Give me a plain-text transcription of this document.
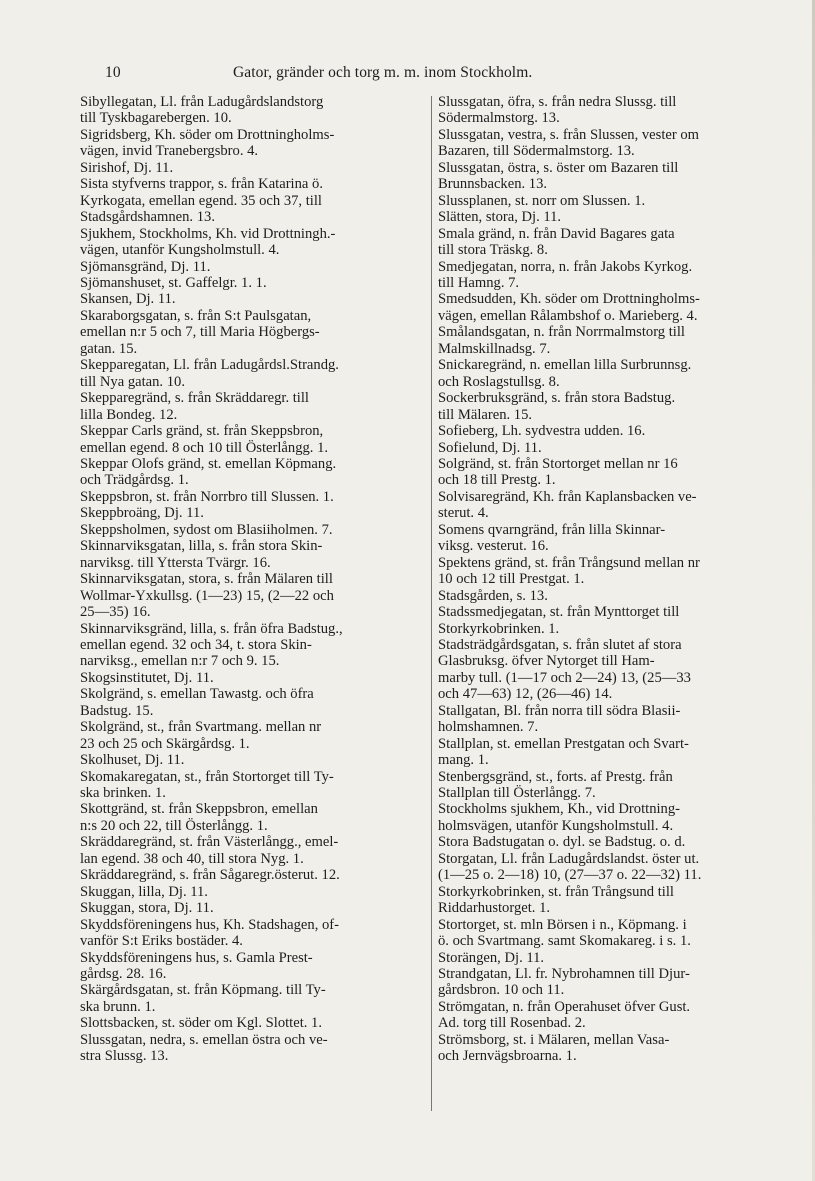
10	Gator, gränder och torg m. m. inom Stockholm.

Sibyllegatan, Ll. från Ladugårdslandstorg
till Tyskbagarebergen. 10.

Sigridsberg, Kh. söder om Drottningholms-
vägen, invid Tranebergsbro. 4.

Sirishof, Dj. 11.

Sista styfverns trappor, s. från Katarina ö.
Kyrkogata, emellan egend. 35 och 37, till
Stadsgårdshamnen. 13.

Sjukhem, Stockholms, Kh. vid Drottningh.-
vägen, utanför Kungsholmstull. 4.

Sjömansgränd, Dj. 11.

Sjömanshuset, st. Gaffelgr. 1. 1.

Skansen, Dj. 11.

Skaraborgsgatan, s. från S:t Paulsgatan,
emellan n:r 5 och 7, till Maria Högbergs-
gatan. 15.

Skepparegatan, Ll. från Ladugårdsl.Strandg.
till Nya gatan. 10.

Skepparegränd, s. från Skräddaregr. till
lilla Bondeg. 12.

Skeppar Carls gränd, st. från Skeppsbron,
emellan egend. 8 och 10 till Österlångg. 1.

Skeppar Olofs gränd, st. emellan Köpmang.
och Trädgårdsg. 1.

Skeppsbron, st. från Norrbro till Slussen. 1.

Skeppbroäng, Dj. 11.

Skeppsholmen, sydost om Blasiiholmen. 7.

Skinnarviksgatan, lilla, s. från stora Skin-
narviksg. till Yttersta Tvärgr. 16.

Skinnarviksgatan, stora, s. från Mälaren till
Wollmar-Yxkullsg. (1—23) 15, (2—22 och
25—35) 16.

Skinnarviksgränd, lilla, s. från öfra Badstug.,
emellan egend. 32 och 34, t. stora Skin-
narviksg., emellan n:r 7 och 9. 15.

Skogsinstitutet, Dj. 11.

Skolgränd, s. emellan Tawastg. och öfra
Badstug. 15.

Skolgränd, st., från Svartmang. mellan nr
23 och 25 och Skärgårdsg. 1.

Skolhuset, Dj. 11.

Skomakaregatan, st., från Stortorget till Ty-
ska brinken. 1.

Skottgränd, st. från Skeppsbron, emellan
n:s 20 och 22, till Österlångg. 1.

Skräddaregränd, st. från Västerlångg., emel-
lan egend. 38 och 40, till stora Nyg. 1.

Skräddaregränd, s. från Sågaregr.österut. 12.

Skuggan, lilla, Dj. 11.

Skuggan, stora, Dj. 11.

Skyddsföreningens hus, Kh. Stadshagen, of-
vanför S:t Eriks bostäder. 4.

Skyddsföreningens hus, s. Gamla Prest-
gårdsg. 28. 16.

Skärgårdsgatan, st. från Köpmang. till Ty-
ska brunn. 1.

Slottsbacken, st. söder om Kgl. Slottet. 1.

Slussgatan, nedra, s. emellan östra och ve-
stra Slussg. 13.

Slussgatan, öfra, s. från nedra Slussg. till
Södermalmstorg. 13.

Slussgatan, vestra, s. från Slussen, vester om
Bazaren, till Södermalmstorg. 13.

Slussgatan, östra, s. öster om Bazaren till
Brunnsbacken. 13.

Slussplanen, st. norr om Slussen. 1.

Slätten, stora, Dj. 11.

Smala gränd, n. från David Bagares gata
till stora Träskg. 8.

Smedjegatan, norra, n. från Jakobs Kyrkog.
till Hamng. 7.

Smedsudden, Kh. söder om Drottningholms-
vägen, emellan Rålambshof o. Marieberg. 4.

Smålandsgatan, n. från Norrmalmstorg till
Malmskillnadsg. 7.

Snickaregränd, n. emellan lilla Surbrunnsg.
och Roslagstullsg. 8.

Sockerbruksgränd, s. från stora Badstug.
till Mälaren. 15.

Sofieberg, Lh. sydvestra udden. 16.

Sofielund, Dj. 11.

Solgränd, st. från Stortorget mellan nr 16
och 18 till Prestg. 1.

Solvisaregränd, Kh. från Kaplansbacken ve-
sterut. 4.

Somens qvarngränd, från lilla Skinnar-
viksg. vesterut. 16.

Spektens gränd, st. från Trångsund mellan nr
10 och 12 till Prestgat. 1.

Stadsgården, s. 13.

Stadssmedjegatan, st. från Mynttorget till
Storkyrkobrinken. 1.

Stadsträdgårdsgatan, s. från slutet af stora
Glasbruksg. öfver Nytorget till Ham-
marby tull. (1—17 och 2—24) 13, (25—33
och 47—63) 12, (26—46) 14.

Stallgatan, Bl. från norra till södra Blasii-
holmshamnen. 7.

Stallplan, st. emellan Prestgatan och Svart-
mang. 1.

Stenbergsgränd, st., forts. af Prestg. från
Stallplan till Österlångg. 7.

Stockholms sjukhem, Kh., vid Drottning-
holmsvägen, utanför Kungsholmstull. 4.

Stora Badstugatan o. dyl. se Badstug. o. d.

Storgatan, Ll. från Ladugårdslandst. öster ut.
(1—25 o. 2—18) 10, (27—37 o. 22—32) 11.

Storkyrkobrinken, st. från Trångsund till
Riddarhustorget. 1.

Stortorget, st. mln Börsen i n., Köpmang. i
ö. och Svartmang. samt Skomakareg. i s. 1.

Storängen, Dj. 11.

Strandgatan, Ll. fr. Nybrohamnen till Djur-
gårdsbron. 10 och 11.

Strömgatan, n. från Operahuset öfver Gust.
Ad. torg till Rosenbad. 2.

Strömsborg, st. i Mälaren, mellan Vasa-
och Jernvägsbroarna. 1.
